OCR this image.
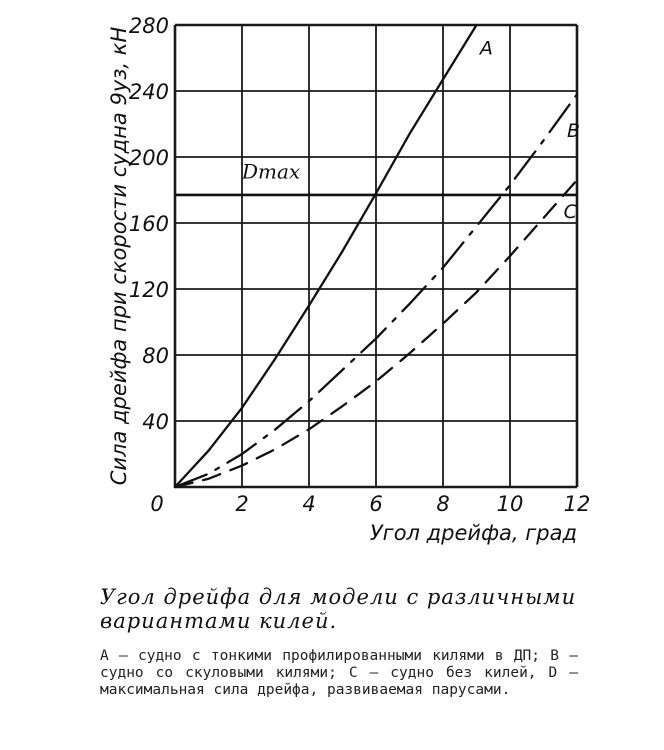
0	2	4	6	8 10 12
40
80
120
160
200
240
280
A
B
C
Dmax
Сила дрейфа при скорости судна 9уз, кН
Угол дрейфа, град
Угол дрейфа для модели с различными вариантами килей.
A — судно с тонкими профилированными килями в ДП; B — судно со скуловыми килями; C — судно без килей, D — максимальная сила дрейфа, развиваемая парусами.
